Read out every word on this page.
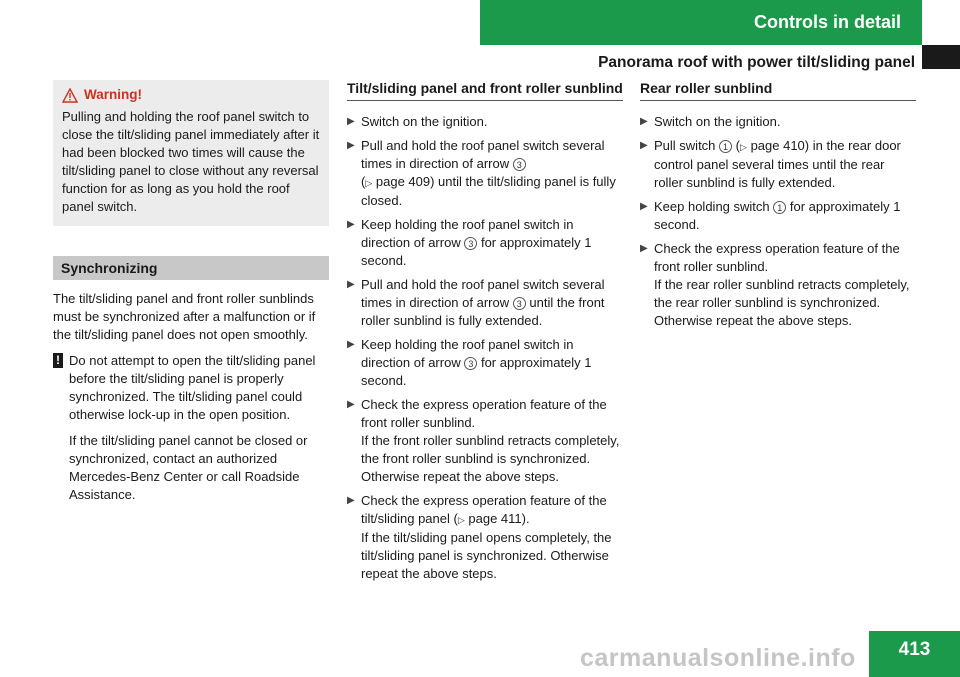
Controls in detail
Panorama roof with power tilt/sliding panel
Warning!
Pulling and holding the roof panel switch to close the tilt/sliding panel immediately after it had been blocked two times will cause the tilt/sliding panel to close without any reversal function for as long as you hold the roof panel switch.
Synchronizing
The tilt/sliding panel and front roller sunblinds must be synchronized after a malfunction or if the tilt/sliding panel does not open smoothly.
! Do not attempt to open the tilt/sliding panel before the tilt/sliding panel is properly synchronized. The tilt/sliding panel could otherwise lock-up in the open position.

If the tilt/sliding panel cannot be closed or synchronized, contact an authorized Mercedes-Benz Center or call Roadside Assistance.

Tilt/sliding panel and front roller sunblind
▶ Switch on the ignition.
▶ Pull and hold the roof panel switch several times in direction of arrow 3
(▷ page 409) until the tilt/sliding panel is fully closed.
▶ Keep holding the roof panel switch in direction of arrow 3 for approximately 1 second.
▶ Pull and hold the roof panel switch several times in direction of arrow 3 until the front roller sunblind is fully extended.
▶ Keep holding the roof panel switch in direction of arrow 3 for approximately 1 second.
▶ Check the express operation feature of the front roller sunblind.
If the front roller sunblind retracts completely, the front roller sunblind is synchronized. Otherwise repeat the above steps.
▶ Check the express operation feature of the tilt/sliding panel (▷ page 411).
If the tilt/sliding panel opens completely, the tilt/sliding panel is synchronized. Otherwise repeat the above steps.
Rear roller sunblind
▶ Switch on the ignition.
▶ Pull switch 1 (▷ page 410) in the rear door control panel several times until the rear roller sunblind is fully extended.
▶ Keep holding switch 1 for approximately 1 second.
▶ Check the express operation feature of the front roller sunblind.
If the rear roller sunblind retracts completely, the rear roller sunblind is synchronized. Otherwise repeat the above steps.
carmanualsonline.info	413
